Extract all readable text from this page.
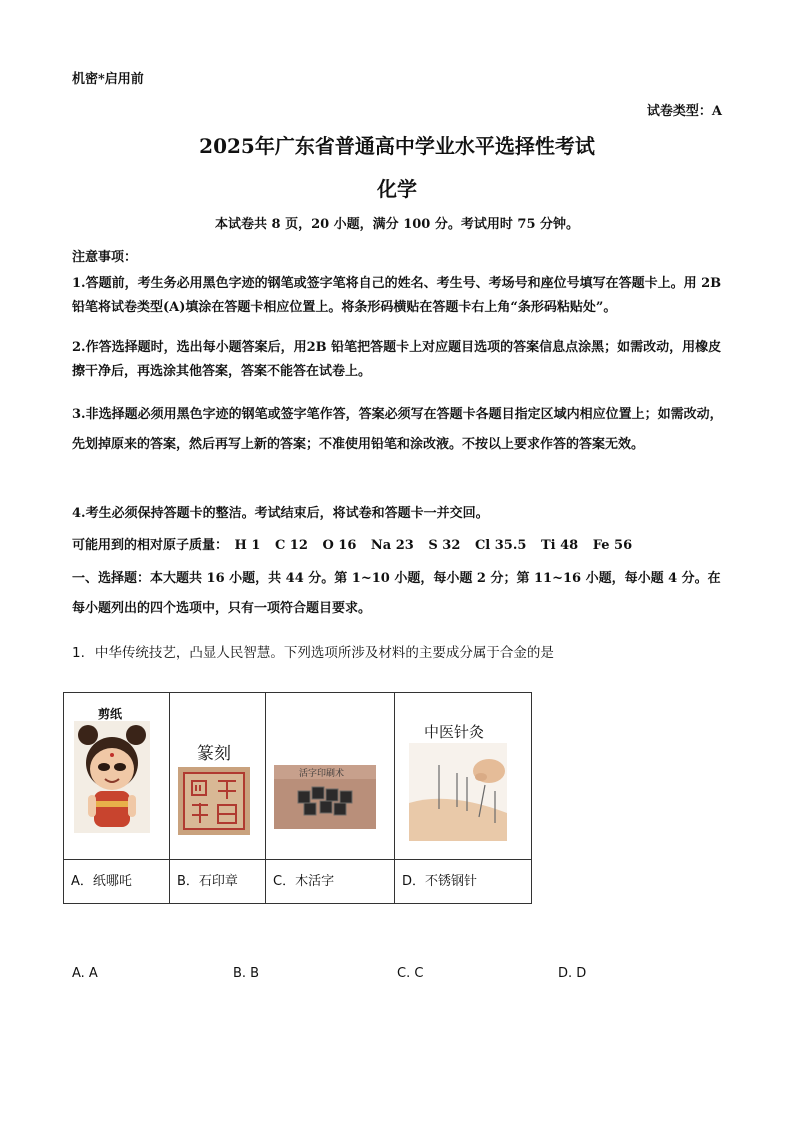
机密*启用前
试卷类型：A
2025年广东省普通高中学业水平选择性考试
化学
本试卷共 8 页，20 小题，满分 100 分。考试用时 75 分钟。
注意事项：
1.答题前，考生务必用黑色字迹的钢笔或签字笔将自己的姓名、考生号、考场号和座位号填写在答题卡上。用 2B 铅笔将试卷类型(A)填涂在答题卡相应位置上。将条形码横贴在答题卡右上角“条形码粘贴处”。
2.作答选择题时，选出每小题答案后，用2B 铅笔把答题卡上对应题目选项的答案信息点涂黑；如需改动，用橡皮擦干净后，再选涂其他答案，答案不能答在试卷上。
3.非选择题必须用黑色字迹的钢笔或签字笔作答，答案必须写在答题卡各题目指定区域内相应位置上；如需改动，先划掉原来的答案，然后再写上新的答案；不准使用铅笔和涂改液。不按以上要求作答的答案无效。
4.考生必须保持答题卡的整洁。考试结束后，将试卷和答题卡一并交回。
可能用到的相对原子质量： H 1 C 12 O 16 Na 23 S 32 Cl 35.5 Ti 48 Fe 56
一、选择题：本大题共 16 小题，共 44 分。第 1~10 小题，每小题 2 分；第 11~16 小题，每小题 4 分。在每小题列出的四个选项中，只有一项符合题目要求。
1. 中华传统技艺，凸显人民智慧。下列选项所涉及材料的主要成分属于合金的是
剪纸	篆刻	活字印刷术	中医针灸

A．纸哪吒	B．石印章	C．木活字	D．不锈钢针
A. A	B. B	C. C	D. D
